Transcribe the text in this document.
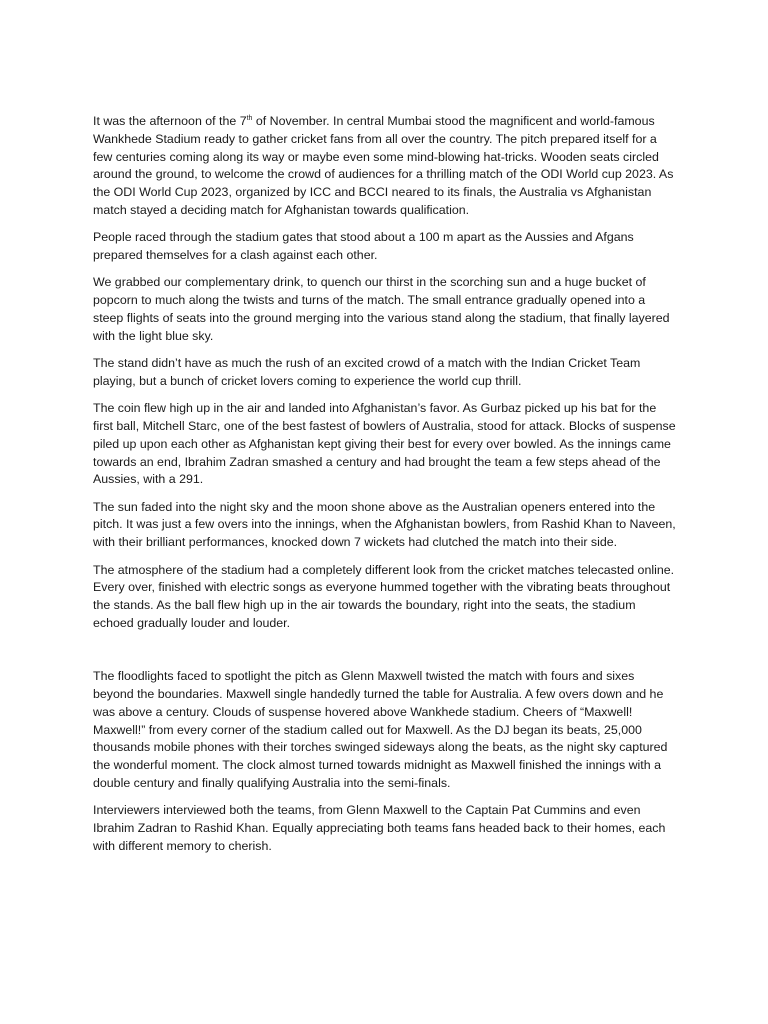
It was the afternoon of the 7th of November. In central Mumbai stood the magnificent and world-famous Wankhede Stadium ready to gather cricket fans from all over the country. The pitch prepared itself for a few centuries coming along its way or maybe even some mind-blowing hat-tricks. Wooden seats circled around the ground, to welcome the crowd of audiences for a thrilling match of the ODI World cup 2023. As the ODI World Cup 2023, organized by ICC and BCCI neared to its finals, the Australia vs Afghanistan match stayed a deciding match for Afghanistan towards qualification.

People raced through the stadium gates that stood about a 100 m apart as the Aussies and Afgans prepared themselves for a clash against each other.

We grabbed our complementary drink, to quench our thirst in the scorching sun and a huge bucket of popcorn to much along the twists and turns of the match. The small entrance gradually opened into a steep flights of seats into the ground merging into the various stand along the stadium, that finally layered with the light blue sky.

The stand didn’t have as much the rush of an excited crowd of a match with the Indian Cricket Team playing, but a bunch of cricket lovers coming to experience the world cup thrill.

The coin flew high up in the air and landed into Afghanistan’s favor. As Gurbaz picked up his bat for the first ball, Mitchell Starc, one of the best fastest of bowlers of Australia, stood for attack. Blocks of suspense piled up upon each other as Afghanistan kept giving their best for every over bowled. As the innings came towards an end, Ibrahim Zadran smashed a century and had brought the team a few steps ahead of the Aussies, with a 291.

The sun faded into the night sky and the moon shone above as the Australian openers entered into the pitch. It was just a few overs into the innings, when the Afghanistan bowlers, from Rashid Khan to Naveen, with their brilliant performances, knocked down 7 wickets had clutched the match into their side.

The atmosphere of the stadium had a completely different look from the cricket matches telecasted online. Every over, finished with electric songs as everyone hummed together with the vibrating beats throughout the stands. As the ball flew high up in the air towards the boundary, right into the seats, the stadium echoed gradually louder and louder.

The floodlights faced to spotlight the pitch as Glenn Maxwell twisted the match with fours and sixes beyond the boundaries. Maxwell single handedly turned the table for Australia. A few overs down and he was above a century. Clouds of suspense hovered above Wankhede stadium. Cheers of “Maxwell! Maxwell!” from every corner of the stadium called out for Maxwell. As the DJ began its beats, 25,000 thousands mobile phones with their torches swinged sideways along the beats, as the night sky captured the wonderful moment. The clock almost turned towards midnight as Maxwell finished the innings with a double century and finally qualifying Australia into the semi-finals.

Interviewers interviewed both the teams, from Glenn Maxwell to the Captain Pat Cummins and even Ibrahim Zadran to Rashid Khan. Equally appreciating both teams fans headed back to their homes, each with different memory to cherish.
